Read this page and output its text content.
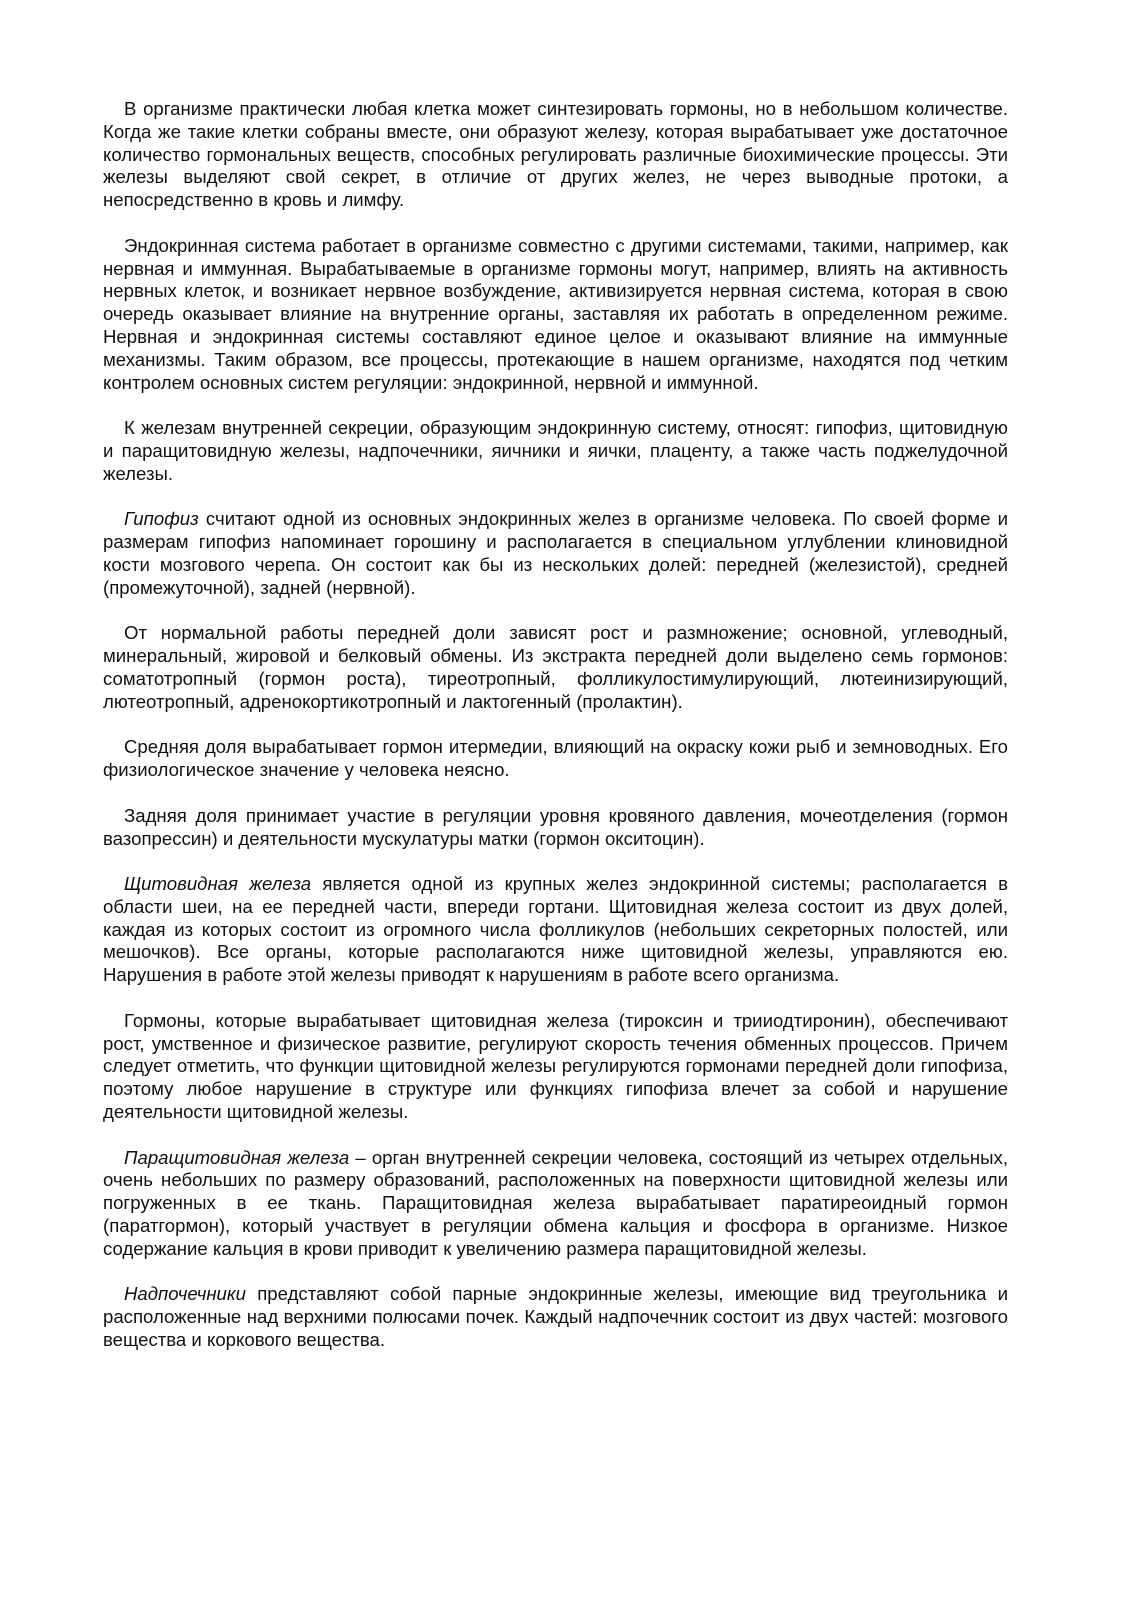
В организме практически любая клетка может синтезировать гормоны, но в небольшом количестве. Когда же такие клетки собраны вместе, они образуют железу, которая вырабатывает уже достаточное количество гормональных веществ, способных регулировать различные биохимические процессы. Эти железы выделяют свой секрет, в отличие от других желез, не через выводные протоки, а непосредственно в кровь и лимфу.

Эндокринная система работает в организме совместно с другими системами, такими, например, как нервная и иммунная. Вырабатываемые в организме гормоны могут, например, влиять на активность нервных клеток, и возникает нервное возбуждение, активизируется нервная система, которая в свою очередь оказывает влияние на внутренние органы, заставляя их работать в определенном режиме. Нервная и эндокринная системы составляют единое целое и оказывают влияние на иммунные механизмы. Таким образом, все процессы, протекающие в нашем организме, находятся под четким контролем основных систем регуляции: эндокринной, нервной и иммунной.

К железам внутренней секреции, образующим эндокринную систему, относят: гипофиз, щитовидную и паращитовидную железы, надпочечники, яичники и яички, плаценту, а также часть поджелудочной железы.

Гипофиз считают одной из основных эндокринных желез в организме человека. По своей форме и размерам гипофиз напоминает горошину и располагается в специальном углублении клиновидной кости мозгового черепа. Он состоит как бы из нескольких долей: передней (железистой), средней (промежуточной), задней (нервной).

От нормальной работы передней доли зависят рост и размножение; основной, углеводный, минеральный, жировой и белковый обмены. Из экстракта передней доли выделено семь гормонов: соматотропный (гормон роста), тиреотропный, фолликулостимулирующий, лютеинизирующий, лютеотропный, адренокортикотропный и лактогенный (пролактин).

Средняя доля вырабатывает гормон итермедии, влияющий на окраску кожи рыб и земноводных. Его физиологическое значение у человека неясно.

Задняя доля принимает участие в регуляции уровня кровяного давления, мочеотделения (гормон вазопрессин) и деятельности мускулатуры матки (гормон окситоцин).

Щитовидная железа является одной из крупных желез эндокринной системы; располагается в области шеи, на ее передней части, впереди гортани. Щитовидная железа состоит из двух долей, каждая из которых состоит из огромного числа фолликулов (небольших секреторных полостей, или мешочков). Все органы, которые располагаются ниже щитовидной железы, управляются ею. Нарушения в работе этой железы приводят к нарушениям в работе всего организма.

Гормоны, которые вырабатывает щитовидная железа (тироксин и трииодтиронин), обеспечивают рост, умственное и физическое развитие, регулируют скорость течения обменных процессов. Причем следует отметить, что функции щитовидной железы регулируются гормонами передней доли гипофиза, поэтому любое нарушение в структуре или функциях гипофиза влечет за собой и нарушение деятельности щитовидной железы.

Паращитовидная железа – орган внутренней секреции человека, состоящий из четырех отдельных, очень небольших по размеру образований, расположенных на поверхности щитовидной железы или погруженных в ее ткань. Паращитовидная железа вырабатывает паратиреоидный гормон (паратгормон), который участвует в регуляции обмена кальция и фосфора в организме. Низкое содержание кальция в крови приводит к увеличению размера паращитовидной железы.

Надпочечники представляют собой парные эндокринные железы, имеющие вид треугольника и расположенные над верхними полюсами почек. Каждый надпочечник состоит из двух частей: мозгового вещества и коркового вещества.
